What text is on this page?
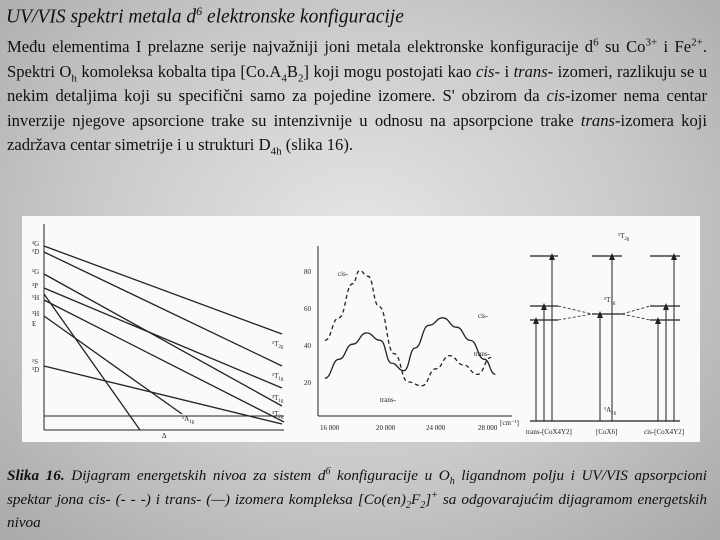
UV/VIS spektri metala $d^6$ elektronske konfiguracije
Među elementima I prelazne serije najvažniji joni metala elektronske konfiguracije $d^6$ su $Co^{3+}$ i $Fe^{2+}$. Spektri $O_h$ komoleksa kobalta tipa $[Co.A_4B_2]$ koji mogu postojati kao cis- i trans- izomeri, razlikuju se u nekim detaljima koji su specifični samo za pojedine izomere. S' obzirom da cis-izomer nema centar inverzije njegove apsorcione trake su intenzivnije u odnosu na apsorpcione trake trans-izomera koji zadržava centar simetrije i u strukturi $D_{4h}$ (slika 16).
E
Δ
³G
¹D
¹G
³P
¹H
³H
¹S
¹D
$^1T_{2g}$
$^1T_{1g}$
$^3T_{1g}$
$^1A_{1g}$
$^3T_{2g}$
80
60
40
20
16 000	20 000	24 000	28 000
[cm⁻¹]
cis-
cis-
trans-
trans-
$^1T_{2g}$
$^1T_{1g}$
$^1A_{1g}$
trans-[CoX4Y2]	[CoX6]	cis-[CoX4Y2]
Slika 16. Dijagram energetskih nivoa za sistem $d^6$ konfiguracije u $O_h$ ligandnom polju i UV/VIS apsorpcioni spektar jona cis- (- - -) i trans- (—) izomera kompleksa $[Co(en)_2F_2]^+$ sa odgovarajućim dijagramom energetskih nivoa
